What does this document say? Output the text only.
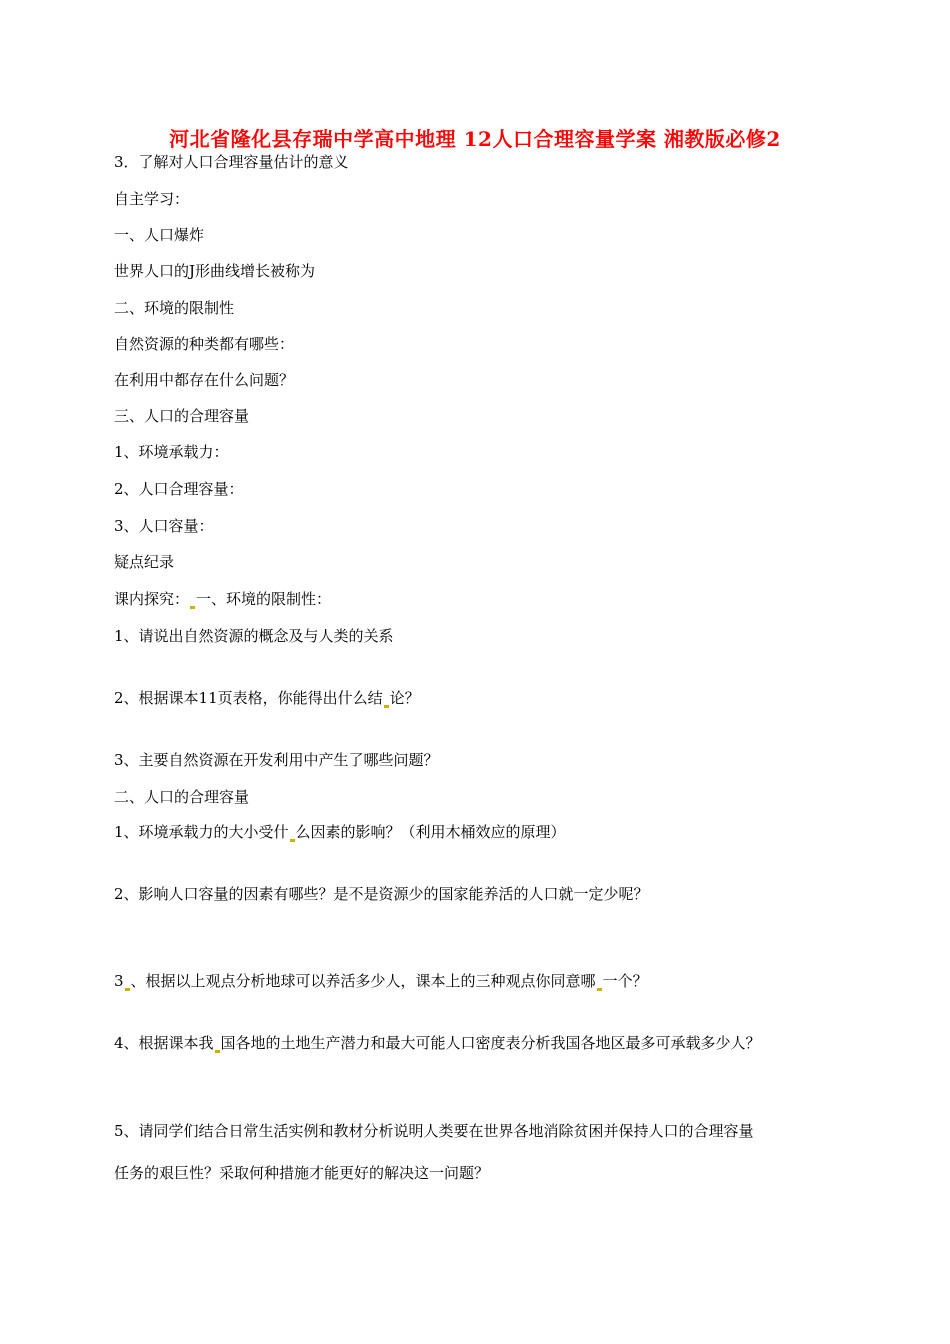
河北省隆化县存瑞中学高中地理 12人口合理容量学案 湘教版必修2
3．了解对人口合理容量估计的意义
自主学习：
一、人口爆炸
世界人口的J形曲线增长被称为
二、环境的限制性
自然资源的种类都有哪些：
在利用中都存在什么问题？
三、人口的合理容量
1、环境承载力：
2、人口合理容量：
3、人口容量：
疑点纪录
课内探究： 一、环境的限制性：
1、请说出自然资源的概念及与人类的关系
2、根据课本11页表格，你能得出什么结 论？
3、主要自然资源在开发利用中产生了哪些问题？
二、人口的合理容量
1、环境承载力的大小受什 么因素的影响？（利用木桶效应的原理）
2、影响人口容量的因素有哪些？是不是资源少的国家能养活的人口就一定少呢？
3 、根据以上观点分析地球可以养活多少人，课本上的三种观点你同意哪 一个？
4、根据课本我 国各地的土地生产潜力和最大可能人口密度表分析我国各地区最多可承载多少人？
5、请同学们结合日常生活实例和教材分析说明人类要在世界各地消除贫困并保持人口的合理容量
任务的艰巨性？采取何种措施才能更好的解决这一问题？
